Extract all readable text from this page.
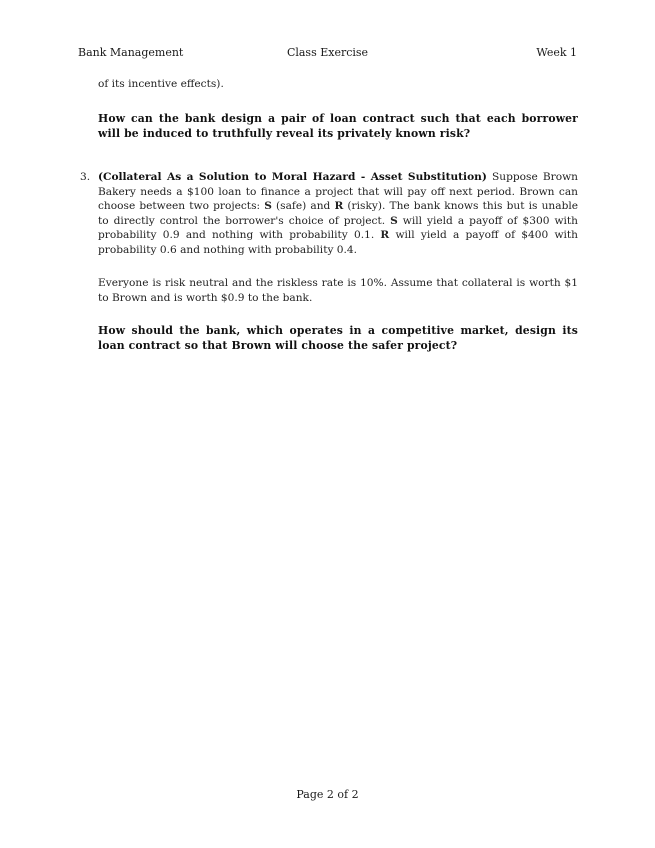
Bank Management	Class Exercise	Week 1
of its incentive effects).
How can the bank design a pair of loan contract such that each borrower will be induced to truthfully reveal its privately known risk?
3. (Collateral As a Solution to Moral Hazard - Asset Substitution) Suppose Brown Bakery needs a $100 loan to finance a project that will pay off next period. Brown can choose between two projects: S (safe) and R (risky). The bank knows this but is unable to directly control the borrower's choice of project. S will yield a payoff of $300 with probability 0.9 and nothing with probability 0.1. R will yield a payoff of $400 with probability 0.6 and nothing with probability 0.4.
Everyone is risk neutral and the riskless rate is 10%. Assume that collateral is worth $1 to Brown and is worth $0.9 to the bank.
How should the bank, which operates in a competitive market, design its loan contract so that Brown will choose the safer project?
Page 2 of 2
